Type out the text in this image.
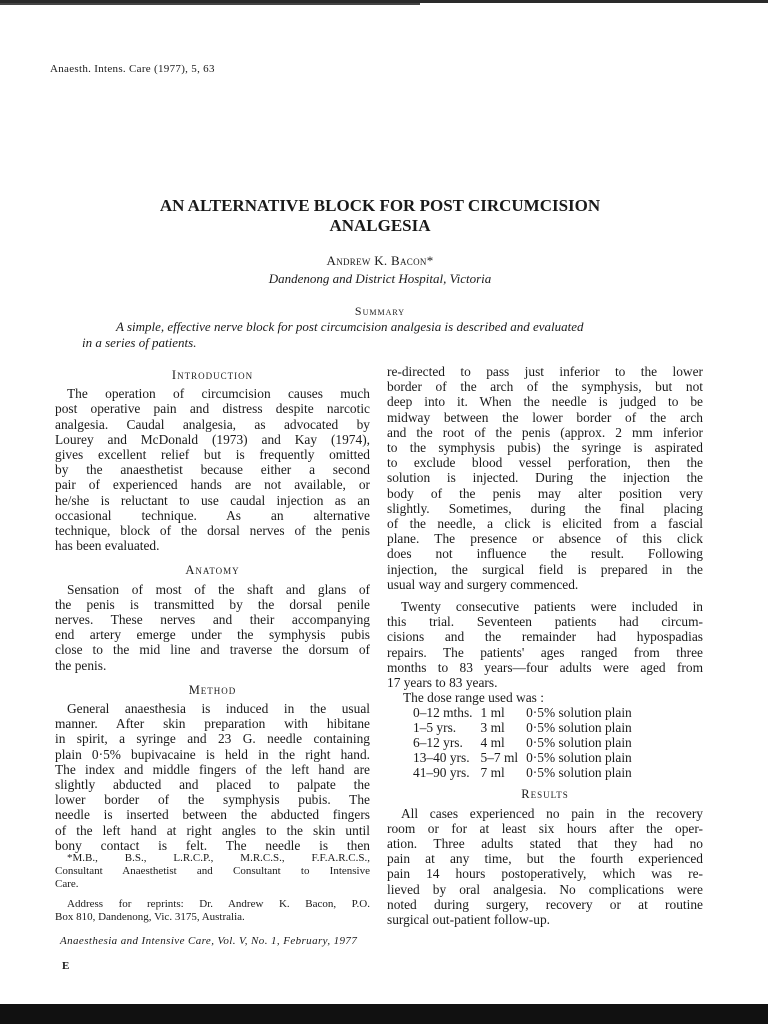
Anaesth. Intens. Care (1977), 5, 63
AN ALTERNATIVE BLOCK FOR POST CIRCUMCISION
ANALGESIA
Andrew K. Bacon*
Dandenong and District Hospital, Victoria
Summary
A simple, effective nerve block for post circumcision analgesia is described and evaluated
in a series of patients.
Introduction
The operation of circumcision causes much
post operative pain and distress despite narcotic
analgesia. Caudal analgesia, as advocated by
Lourey and McDonald (1973) and Kay (1974),
gives excellent relief but is frequently omitted
by the anaesthetist because either a second
pair of experienced hands are not available, or
he/she is reluctant to use caudal injection as an
occasional technique. As an alternative
technique, block of the dorsal nerves of the penis
has been evaluated.
Anatomy
Sensation of most of the shaft and glans of
the penis is transmitted by the dorsal penile
nerves. These nerves and their accompanying
end artery emerge under the symphysis pubis
close to the mid line and traverse the dorsum of
the penis.
Method
General anaesthesia is induced in the usual
manner. After skin preparation with hibitane
in spirit, a syringe and 23 G. needle containing
plain 0·5% bupivacaine is held in the right hand.
The index and middle fingers of the left hand are
slightly abducted and placed to palpate the
lower border of the symphysis pubis. The
needle is inserted between the abducted fingers
of the left hand at right angles to the skin until
bony contact is felt. The needle is then
*M.B., B.S., L.R.C.P., M.R.C.S., F.F.A.R.C.S.,
Consultant Anaesthetist and Consultant to Intensive
Care.
Address for reprints: Dr. Andrew K. Bacon, P.O.
Box 810, Dandenong, Vic. 3175, Australia.
re-directed to pass just inferior to the lower
border of the arch of the symphysis, but not
deep into it. When the needle is judged to be
midway between the lower border of the arch
and the root of the penis (approx. 2 mm inferior
to the symphysis pubis) the syringe is aspirated
to exclude blood vessel perforation, then the
solution is injected. During the injection the
body of the penis may alter position very
slightly. Sometimes, during the final placing
of the needle, a click is elicited from a fascial
plane. The presence or absence of this click
does not influence the result. Following
injection, the surgical field is prepared in the
usual way and surgery commenced.
Twenty consecutive patients were included in
this trial. Seventeen patients had circum-
cisions and the remainder had hypospadias
repairs. The patients' ages ranged from three
months to 83 years—four adults were aged from
17 years to 83 years.
The dose range used was :
0–12 mths.	1 ml	0·5% solution plain
1–5 yrs.	3 ml	0·5% solution plain
6–12 yrs.	4 ml	0·5% solution plain
13–40 yrs.	5–7 ml	0·5% solution plain
41–90 yrs.	7 ml	0·5% solution plain
Results
All cases experienced no pain in the recovery
room or for at least six hours after the oper-
ation. Three adults stated that they had no
pain at any time, but the fourth experienced
pain 14 hours postoperatively, which was re-
lieved by oral analgesia. No complications were
noted during surgery, recovery or at routine
surgical out-patient follow-up.
Anaesthesia and Intensive Care, Vol. V, No. 1, February, 1977
E
